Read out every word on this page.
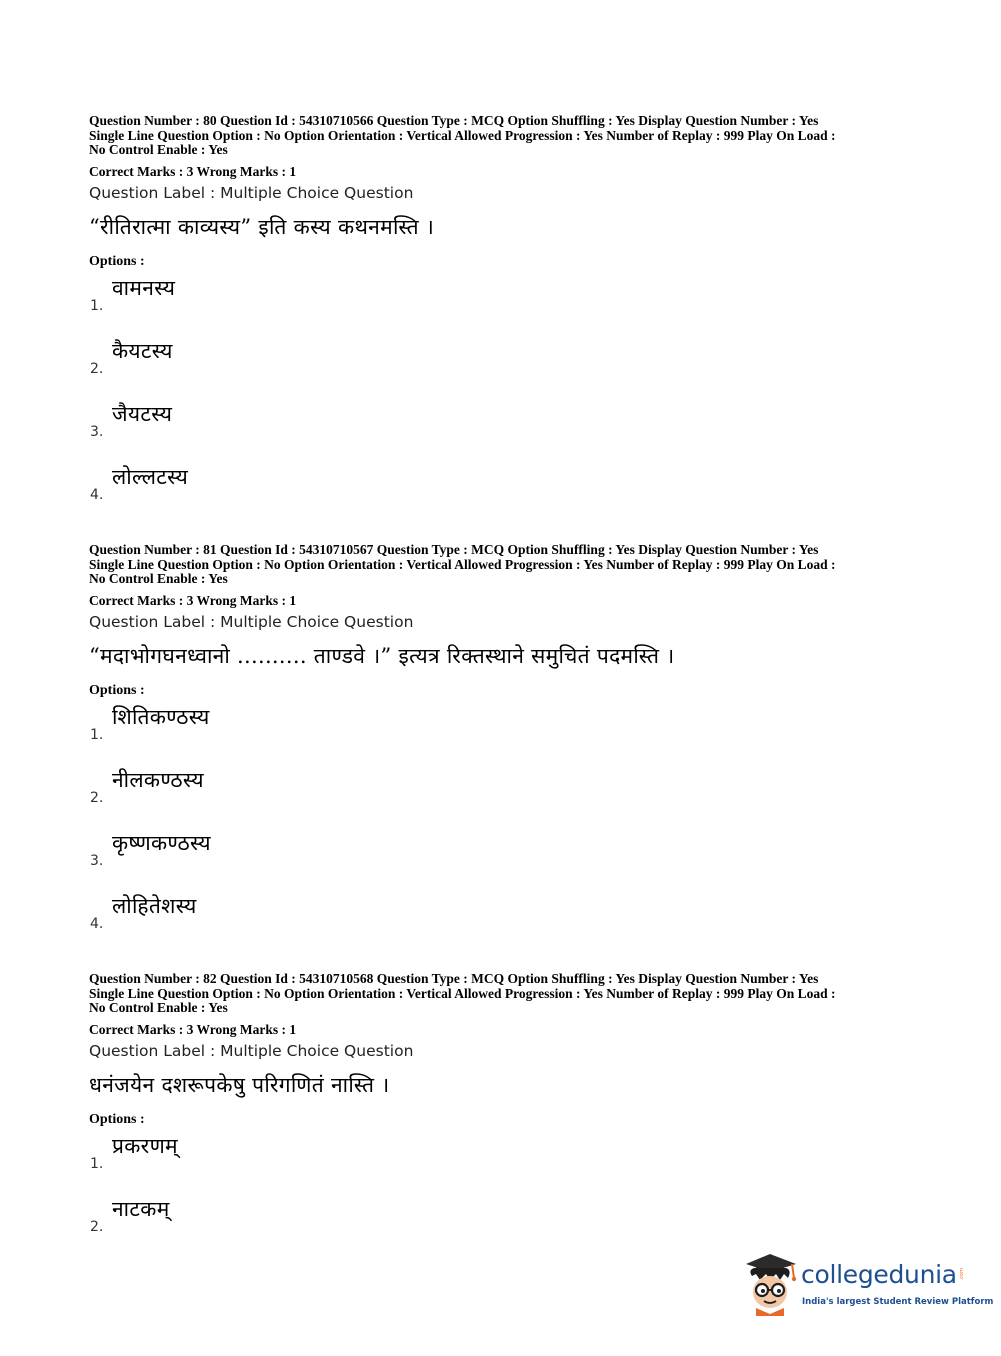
Question Number : 80 Question Id : 54310710566 Question Type : MCQ Option Shuffling : Yes Display Question Number : Yes
Single Line Question Option : No Option Orientation : Vertical Allowed Progression : Yes Number of Replay : 999 Play On Load :
No Control Enable : Yes

Correct Marks : 3 Wrong Marks : 1

Question Label : Multiple Choice Question

“रीतिरात्मा काव्यस्य” इति कस्य कथनमस्ति ।

Options :

1.
वामनस्य
2.
कैयटस्य
3.
जैयटस्य
4.
लोल्लटस्य

Question Number : 81 Question Id : 54310710567 Question Type : MCQ Option Shuffling : Yes Display Question Number : Yes
Single Line Question Option : No Option Orientation : Vertical Allowed Progression : Yes Number of Replay : 999 Play On Load :
No Control Enable : Yes

Correct Marks : 3 Wrong Marks : 1

Question Label : Multiple Choice Question

“मदाभोगघनध्वानो .......... ताण्डवे ।” इत्यत्र रिक्तस्थाने समुचितं पदमस्ति ।

Options :

1.
शितिकण्ठस्य
2.
नीलकण्ठस्य
3.
कृष्णकण्ठस्य
4.
लोहितेशस्य

Question Number : 82 Question Id : 54310710568 Question Type : MCQ Option Shuffling : Yes Display Question Number : Yes
Single Line Question Option : No Option Orientation : Vertical Allowed Progression : Yes Number of Replay : 999 Play On Load :
No Control Enable : Yes

Correct Marks : 3 Wrong Marks : 1

Question Label : Multiple Choice Question

धनंजयेन दशरूपकेषु परिगणितं नास्ति ।

Options :

1.
प्रकरणम्
2.
नाटकम्
collegedunia .com
India's largest Student Review Platform
